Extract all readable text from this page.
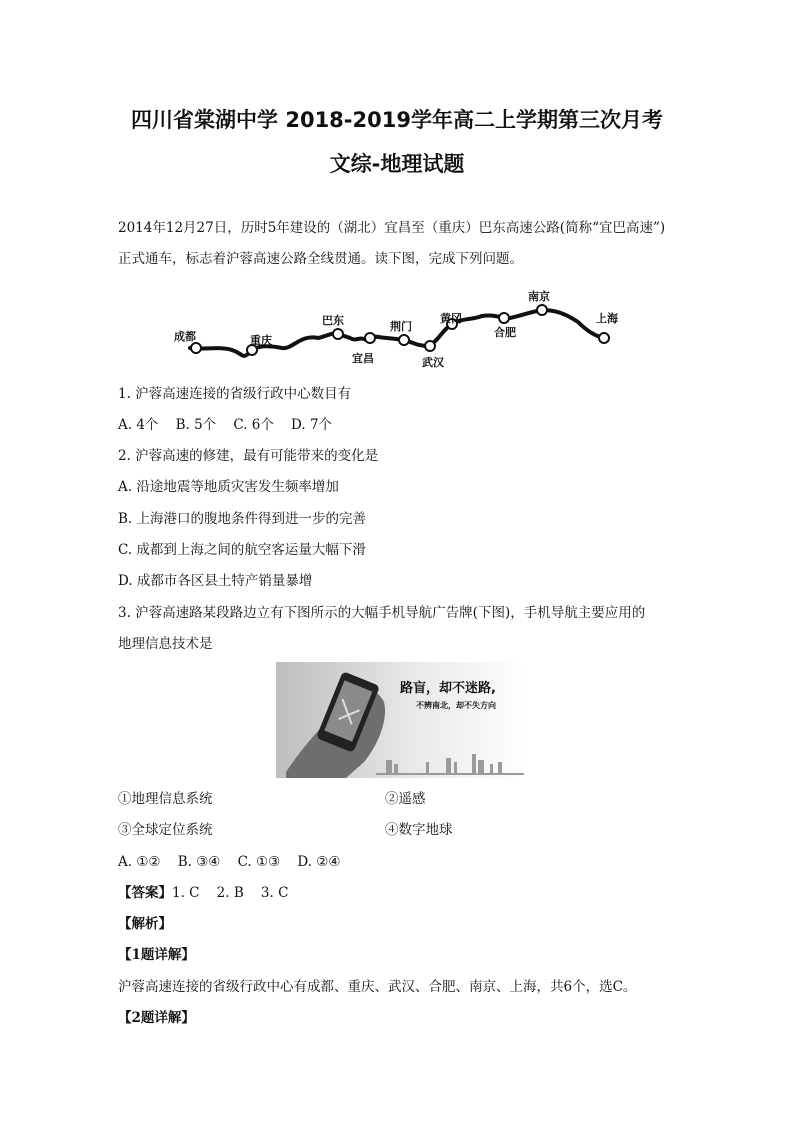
四川省棠湖中学 2018-2019学年高二上学期第三次月考
文综-地理试题
2014年12月27日，历时5年建设的（湖北）宜昌至（重庆）巴东高速公路(简称“宜巴高速”)正式通车，标志着沪蓉高速公路全线贯通。读下图，完成下列问题。
成都	重庆
巴东
宜昌
荆门
武汉
黄冈
合肥
南京
上海
1. 沪蓉高速连接的省级行政中心数目有
A. 4个    B. 5个    C. 6个    D. 7个
2. 沪蓉高速的修建，最有可能带来的变化是
A. 沿途地震等地质灾害发生频率增加
B. 上海港口的腹地条件得到进一步的完善
C. 成都到上海之间的航空客运量大幅下滑
D. 成都市各区县土特产销量暴增
3. 沪蓉高速路某段路边立有下图所示的大幅手机导航广告牌(下图)，手机导航主要应用的
地理信息技术是
路盲，却不迷路,
不辨南北，却不失方向
①地理信息系统	②遥感
③全球定位系统	④数字地球
A. ①②    B. ③④    C. ①③    D. ②④
【答案】1. C    2. B    3. C
【解析】
【1题详解】
沪蓉高速连接的省级行政中心有成都、重庆、武汉、合肥、南京、上海，共6个，选C。
【2题详解】
